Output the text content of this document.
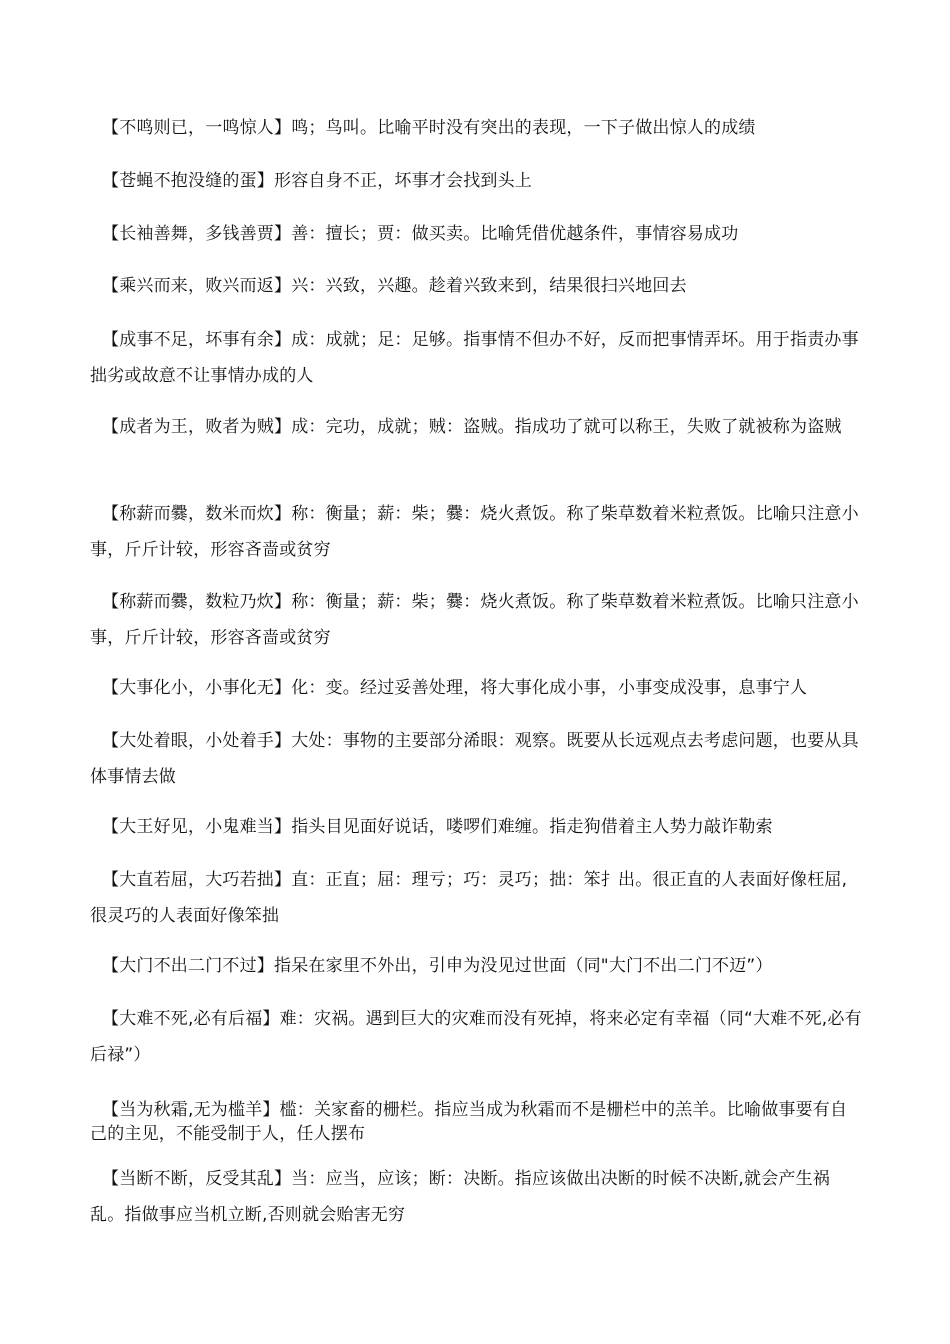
【不鸣则已，一鸣惊人】鸣；鸟叫。比喻平时没有突出的表现，一下子做出惊人的成绩

【苍蝇不抱没缝的蛋】形容自身不正，坏事才会找到头上

【长袖善舞，多钱善贾】善：擅长；贾：做买卖。比喻凭借优越条件，事情容易成功

【乘兴而来，败兴而返】兴：兴致，兴趣。趁着兴致来到，结果很扫兴地回去

【成事不足，坏事有余】成：成就；足：足够。指事情不但办不好，反而把事情弄坏。用于指责办事拙劣或故意不让事情办成的人

【成者为王，败者为贼】成：完功，成就；贼：盗贼。指成功了就可以称王，失败了就被称为盗贼

【称薪而爨，数米而炊】称：衡量；薪：柴；爨：烧火煮饭。称了柴草数着米粒煮饭。比喻只注意小事，斤斤计较，形容吝啬或贫穷

【称薪而爨，数粒乃炊】称：衡量；薪：柴；爨：烧火煮饭。称了柴草数着米粒煮饭。比喻只注意小事，斤斤计较，形容吝啬或贫穷

【大事化小，小事化无】化：变。经过妥善处理，将大事化成小事，小事变成没事，息事宁人

【大处着眼，小处着手】大处：事物的主要部分浠眼：观察。既要从长远观点去考虑问题，也要从具体事情去做

【大王好见，小鬼难当】指头目见面好说话，喽啰们难缠。指走狗借着主人势力敲诈勒索

【大直若屈，大巧若拙】直：正直；屈：理亏；巧：灵巧；拙：笨扌出。很正直的人表面好像枉屈,很灵巧的人表面好像笨拙

【大门不出二门不过】指呆在家里不外出，引申为没见过世面（同"大门不出二门不迈”）

【大难不死,必有后福】难：灾祸。遇到巨大的灾难而没有死掉，将来必定有幸福（同“大难不死,必有后禄”）

【当为秋霜,无为槛羊】槛：关家畜的栅栏。指应当成为秋霜而不是栅栏中的羔羊。比喻做事要有自己的主见，不能受制于人，任人摆布

【当断不断，反受其乱】当：应当，应该；断：决断。指应该做出决断的时候不决断,就会产生祸乱。指做事应当机立断,否则就会贻害无穷
